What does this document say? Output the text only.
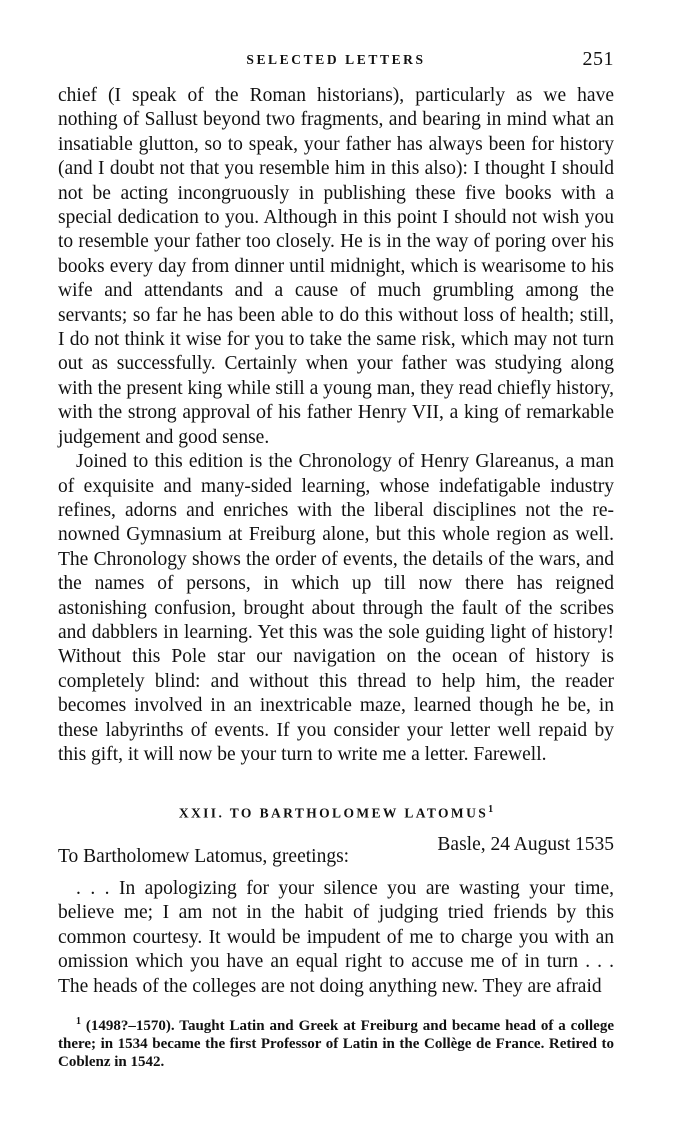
SELECTED LETTERS	251

chief (I speak of the Roman historians), particularly as we have nothing of Sallust beyond two fragments, and bearing in mind what an insatiable glutton, so to speak, your father has always been for history (and I doubt not that you resemble him in this also): I thought I should not be acting incongruously in publishing these five books with a special dedication to you. Although in this point I should not wish you to resemble your father too closely. He is in the way of poring over his books every day from dinner until midnight, which is wearisome to his wife and attendants and a cause of much grumbling among the servants; so far he has been able to do this without loss of health; still, I do not think it wise for you to take the same risk, which may not turn out as successfully. Certainly when your father was studying along with the present king while still a young man, they read chiefly history, with the strong approval of his father Henry VII, a king of remarkable judgement and good sense.

Joined to this edition is the Chronology of Henry Glareanus, a man of exquisite and many-sided learning, whose indefatigable industry refines, adorns and enriches with the liberal disciplines not the renowned Gymnasium at Freiburg alone, but this whole region as well. The Chronology shows the order of events, the details of the wars, and the names of persons, in which up till now there has reigned astonishing confusion, brought about through the fault of the scribes and dabblers in learning. Yet this was the sole guiding light of history! Without this Pole star our navigation on the ocean of history is completely blind: and without this thread to help him, the reader becomes involved in an inextricable maze, learned though he be, in these labyrinths of events. If you consider your letter well repaid by this gift, it will now be your turn to write me a letter. Farewell.

XXII. TO BARTHOLOMEW LATOMUS$^1$
Basle, 24 August 1535
To Bartholomew Latomus, greetings:

. . . In apologizing for your silence you are wasting your time, believe me; I am not in the habit of judging tried friends by this common courtesy. It would be impudent of me to charge you with an omission which you have an equal right to accuse me of in turn . . . The heads of the colleges are not doing anything new. They are afraid

$^1$ (1498?–1570). Taught Latin and Greek at Freiburg and became head of a college there; in 1534 became the first Professor of Latin in the Collège de France. Retired to Coblenz in 1542.
